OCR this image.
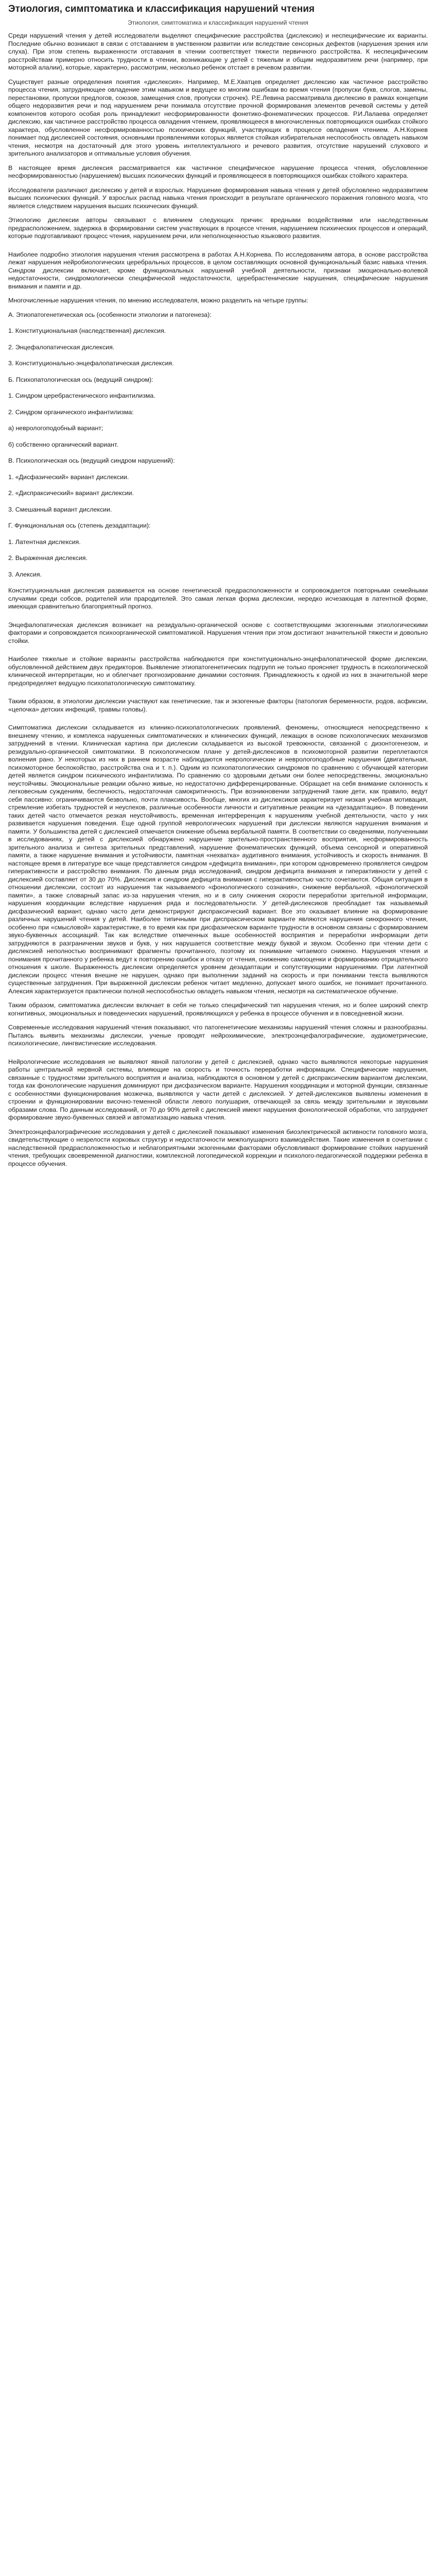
Этиология, симптоматика и классификация нарушений чтения
Этиология, симптоматика и классификация нарушений чтения

Среди нарушений чтения у детей исследователи выделяют специфические расстройства (дислексию) и неспецифические их варианты. Последние обычно возникают в связи с отставанием в умственном развитии или вследствие сенсорных дефектов (нарушения зрения или слуха). При этом степень выраженности отставания в чтении соответствует тяжести первичного расстройства. К неспецифическим расстройствам примерно относить трудности в чтении, возникающие у детей с тяжелым и общим недоразвитием речи (например, при моторной алалии), которые, характерно, рассмотрим, несколько ребенок отстает в речевом развитии.

Существует разные определения понятия «дислексия». Например, М.Е.Хватцев определяет дислексию как частичное расстройство процесса чтения, затрудняющее овладение этим навыком и ведущее ко многим ошибкам во время чтения (пропуски букв, слогов, замены, перестановки, пропуски предлогов, союзов, замещения слов, пропуски строчек). Р.Е.Левина рассматривала дислексию в рамках концепции общего недоразвития речи и под нарушением речи понимала отсутствие прочной формирования элементов речевой системы у детей компонентов которого особая роль принадлежит несформированности фонетико-фонематических процессов. Р.И.Лалаева определяет дислексию, как частичное расстройство процесса овладения чтением, проявляющееся в многочисленных повторяющихся ошибках стойкого характера, обусловленное несформированностью психических функций, участвующих в процессе овладения чтением. А.Н.Корнев понимает под дислексией состояния, основными проявлениями которых является стойкая избирательная неспособность овладеть навыком чтения, несмотря на достаточный для этого уровень интеллектуального и речевого развития, отсутствие нарушений слухового и зрительного анализаторов и оптимальные условия обучения.

В настоящее время дислексия рассматривается как частичное специфическое нарушение процесса чтения, обусловленное несформированностью (нарушением) высших психических функций и проявляющееся в повторяющихся ошибках стойкого характера.

Исследователи различают дислексию у детей и взрослых. Нарушение формирования навыка чтения у детей обусловлено недоразвитием высших психических функций. У взрослых распад навыка чтения происходит в результате органического поражения головного мозга, что является следствием нарушения высших психических функций.

Этиологию дислексии авторы связывают с влиянием следующих причин: вредными воздействиями или наследственным предрасположением, задержка в формировании систем участвующих в процессе чтения, нарушением психических процессов и операций, которые подготавливают процесс чтения, нарушением речи, или неполноценностью языкового развития.

Наиболее подробно этиология нарушения чтения рассмотрена в работах А.Н.Корнева. По исследованиям автора, в основе расстройства лежат нарушения нейробиологических церебральных процессов, в целом составляющих основной функциональный базис навыка чтения. Синдром дислексии включает, кроме функциональных нарушений учебной деятельности, признаки эмоционально-волевой недостаточности, синдромологически специфической недостаточности, церебрастенические нарушения, специфические нарушения внимания и памяти и др.

Многочисленные нарушения чтения, по мнению исследователя, можно разделить на четыре группы:

А. Этиопатогенетическая ось (особенности этиологии и патогенеза):

1. Конституциональная (наследственная) дислексия.

2. Энцефалопатическая дислексия.

3. Конституционально-энцефалопатическая дислексия.

Б. Психопатологическая ось (ведущий синдром):

1. Синдром церебрастенического инфантилизма.

2. Синдром органического инфантилизма:

а) неврологоподобный вариант;

б) собственно органический вариант.

В. Психологическая ось (ведущий синдром нарушений):

1. «Дисфазический» вариант дислексии.

2. «Диспраксический» вариант дислексии.

3. Смешанный вариант дислексии.

Г. Функциональная ось (степень дезадаптации):

1. Латентная дислексия.

2. Выраженная дислексия.

3. Алексия.

Конституциональная дислексия развивается на основе генетической предрасположенности и сопровождается повторными семейными случаями среди собсов, родителей или прародителей. Это самая легкая форма дислексии, нередко исчезающая в латентной форме, имеющая сравнительно благоприятный прогноз.

Энцефалопатическая дислексия возникает на резидуально-органической основе с соответствующими экзогенными этиологическими факторами и сопровождается психоорганической симптоматикой. Нарушения чтения при этом достигают значительной тяжести и довольно стойки.

Наиболее тяжелые и стойкие варианты расстройства наблюдаются при конституционально-энцефалопатической форме дислексии, обусловленной действием двух предикторов. Выявление этиопатогенетических подгрупп не только проясняет трудность в психологической клинической интерпретации, но и облегчает прогнозирование динамики состояния. Принадлежность к одной из них в значительной мере предопределяет ведущую психопатологическую симптоматику.

Таким образом, в этиологии дислексии участвуют как генетические, так и экзогенные факторы (патология беременности, родов, асфиксии, «цепочка» детских инфекций, травмы головы).

Симптоматика дислексии складывается из клинико-психопатологических проявлений, феномены, относящиеся непосредственно к внешнему чтению, и комплекса нарушенных симптоматических и клинических функций, лежащих в основе психологических механизмов затруднений в чтении. Клиническая картина при дислексии складывается из высокой тревожности, связанной с дизонтогенезом, и резидуально-органической симптоматики. В психологическом плане у детей-дислексиков в психомоторной развитии переплетаются волнения рано. У некоторых из них в раннем возрасте наблюдаются неврологические и неврологоподобные нарушения (двигательная, психомоторное беспокойство, расстройства сна и т. п.). Одним из психопатологических синдромов по сравнению с обучающей категории детей является синдром психического инфантилизма. По сравнению со здоровыми детьми они более непосредственны, эмоционально неустойчивы. Эмоциональные реакции обычно живые, но недостаточно дифференцированные. Обращает на себя внимание склонность к легковесным суждениям, беспечность, недостаточная самокритичность. При возникновении затруднений такие дети, как правило, ведут себя пассивно: ограничиваются безвольно, почти плаксивость. Вообще, многих из дислексиков характеризует низкая учебная мотивация, стремление избегать трудностей и неуспехов, различные особенности личности и ситуативные реакции на «дезадаптацию». В поведении таких детей часто отмечается резкая неустойчивость, временная интерференция к нарушениям учебной деятельности, часто у них развивается нарушения поведения. Еще одной группой неврологических нарушений при дислексии являются нарушения внимания и памяти. У большинства детей с дислексией отмечается снижение объема вербальной памяти. В соответствии со сведениями, полученными в исследованиях, у детей с дислексией обнаружено нарушение зрительно-пространственного восприятия, несформированность зрительного анализа и синтеза зрительных представлений, нарушение фонематических функций, объема сенсорной и оперативной памяти, а также нарушение внимания и устойчивости, памятная «нехватка» аудитивного внимания, устойчивость и скорость внимания. В настоящее время в литературе все чаще представляется синдром «дефицита внимания», при котором одновременно проявляется синдром гиперактивности и расстройство внимания. По данным ряда исследований, синдром дефицита внимания и гиперактивности у детей с дислексией составляет от 30 до 70%. Дислексия и синдром дефицита внимания с гиперактивностью часто сочетаются. Общая ситуация в отношении дислексии, состоит из нарушения так называемого «фонологического сознания», снижение вербальной, «фонологической памяти», а также словарный запас из-за нарушения чтения, но и в силу снижения скорости переработки зрительной информации, нарушения координации вследствие нарушения ряда и последовательности. У детей-дислексиков преобладает так называемый дисфазический вариант, однако часто дети демонстрируют диспраксический вариант. Все это оказывает влияние на формирование различных нарушений чтения у детей. Наиболее типичными при диспраксическом варианте являются нарушения синхронного чтения, особенно при «смысловой» характеристике, в то время как при дисфазическом варианте трудности в основном связаны с формированием звуко-буквенных ассоциаций. Так как вследствие отмеченных выше особенностей восприятия и переработки информации дети затрудняются в разграничении звуков и букв, у них нарушается соответствие между буквой и звуком. Особенно при чтении дети с дислексией неполностью воспринимают фрагменты прочитанного, поэтому их понимание читаемого снижено. Нарушения чтения и понимания прочитанного у ребенка ведут к повторению ошибок и отказу от чтения, снижению самооценки и формированию отрицательного отношения к школе. Выраженность дислексии определяется уровнем дезадаптации и сопутствующими нарушениями. При латентной дислексии процесс чтения внешне не нарушен, однако при выполнении заданий на скорость и при понимании текста выявляются существенные затруднения. При выраженной дислексии ребенок читает медленно, допускает много ошибок, не понимает прочитанного. Алексия характеризуется практически полной неспособностью овладеть навыком чтения, несмотря на систематическое обучение.

Таким образом, симптоматика дислексии включает в себя не только специфический тип нарушения чтения, но и более широкий спектр когнитивных, эмоциональных и поведенческих нарушений, проявляющихся у ребенка в процессе обучения и в повседневной жизни.

Современные исследования нарушений чтения показывают, что патогенетические механизмы нарушений чтения сложны и разнообразны. Пытаясь выявить механизмы дислексии, ученые проводят нейрохимические, электроэнцефалографические, аудиометрические, психологические, лингвистические исследования.

Нейрологические исследования не выявляют явной патологии у детей с дислексией, однако часто выявляются некоторые нарушения работы центральной нервной системы, влияющие на скорость и точность переработки информации. Специфические нарушения, связанные с трудностями зрительного восприятия и анализа, наблюдаются в основном у детей с диспраксическим вариантом дислексии, тогда как фонологические нарушения доминируют при дисфазическом варианте. Нарушения координации и моторной функции, связанные с особенностями функционирования мозжечка, выявляются у части детей с дислексией. У детей-дислексиков выявлены изменения в строении и функционировании височно-теменной области левого полушария, отвечающей за связь между зрительными и звуковыми образами слова. По данным исследований, от 70 до 90% детей с дислексией имеют нарушения фонологической обработки, что затрудняет формирование звуко-буквенных связей и автоматизацию навыка чтения.

Электроэнцефалографические исследования у детей с дислексией показывают изменения биоэлектрической активности головного мозга, свидетельствующие о незрелости корковых структур и недостаточности межполушарного взаимодействия. Такие изменения в сочетании с наследственной предрасположенностью и неблагоприятными экзогенными факторами обусловливают формирование стойких нарушений чтения, требующих своевременной диагностики, комплексной логопедической коррекции и психолого-педагогической поддержки ребенка в процессе обучения.
